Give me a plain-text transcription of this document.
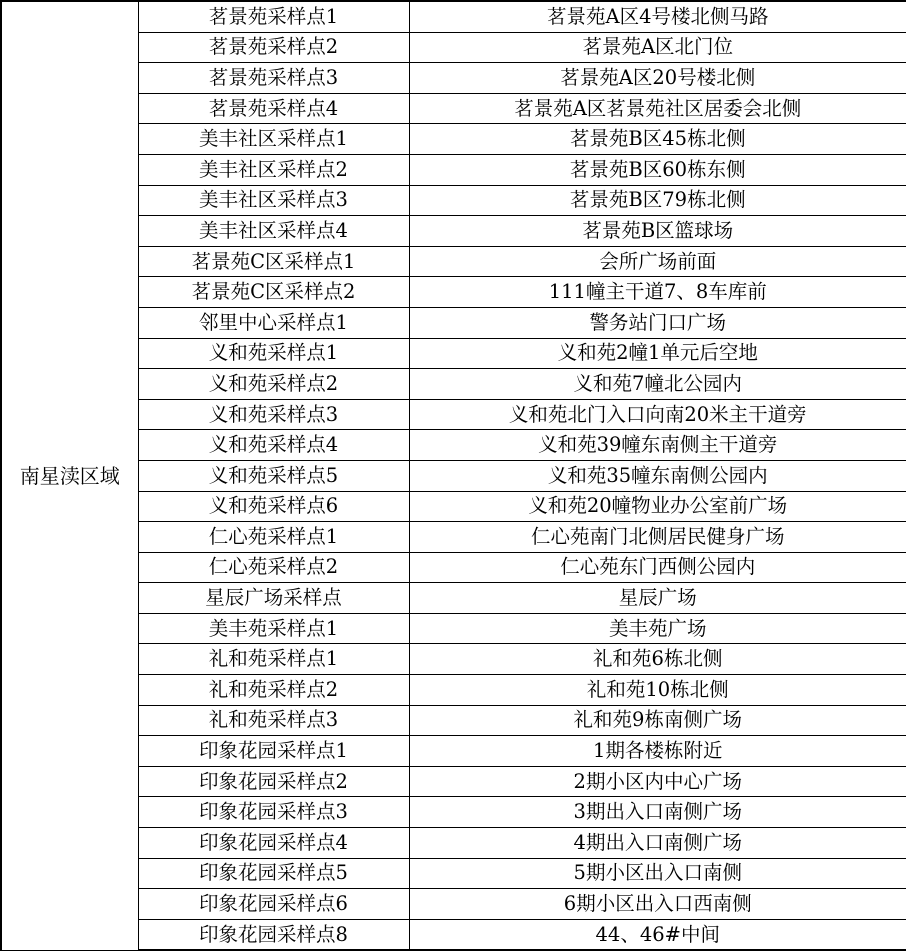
南星渎区域	茗景苑采样点1	茗景苑A区4号楼北侧马路
	茗景苑采样点2	茗景苑A区北门位
	茗景苑采样点3	茗景苑A区20号楼北侧
	茗景苑采样点4	茗景苑A区茗景苑社区居委会北侧
	美丰社区采样点1	茗景苑B区45栋北侧
	美丰社区采样点2	茗景苑B区60栋东侧
	美丰社区采样点3	茗景苑B区79栋北侧
	美丰社区采样点4	茗景苑B区篮球场
	茗景苑C区采样点1	会所广场前面
	茗景苑C区采样点2	111幢主干道7、8车库前
	邻里中心采样点1	警务站门口广场
	义和苑采样点1	义和苑2幢1单元后空地
	义和苑采样点2	义和苑7幢北公园内
	义和苑采样点3	义和苑北门入口向南20米主干道旁
	义和苑采样点4	义和苑39幢东南侧主干道旁
	义和苑采样点5	义和苑35幢东南侧公园内
	义和苑采样点6	义和苑20幢物业办公室前广场
	仁心苑采样点1	仁心苑南门北侧居民健身广场
	仁心苑采样点2	仁心苑东门西侧公园内
	星辰广场采样点	星辰广场
	美丰苑采样点1	美丰苑广场
	礼和苑采样点1	礼和苑6栋北侧
	礼和苑采样点2	礼和苑10栋北侧
	礼和苑采样点3	礼和苑9栋南侧广场
	印象花园采样点1	1期各楼栋附近
	印象花园采样点2	2期小区内中心广场
	印象花园采样点3	3期出入口南侧广场
	印象花园采样点4	4期出入口南侧广场
	印象花园采样点5	5期小区出入口南侧
	印象花园采样点6	6期小区出入口西南侧
	印象花园采样点8	44、46#中间
